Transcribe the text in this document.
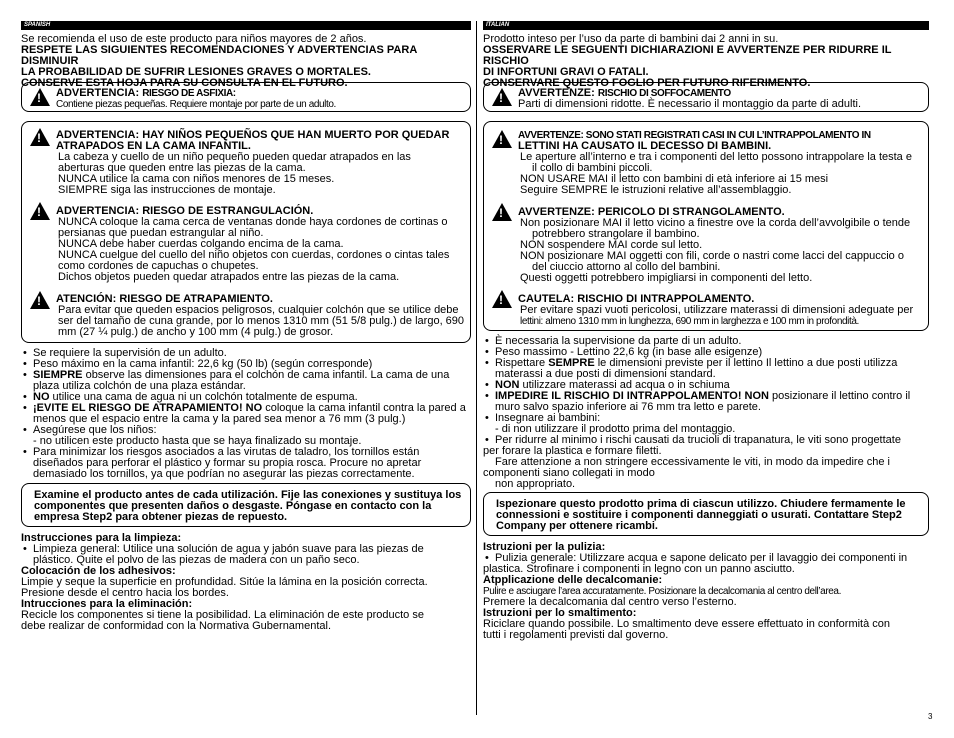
SPANISH	ITALIAN
Se recomienda el uso de este producto para niños mayores de 2 años.
RESPETE LAS SIGUIENTES RECOMENDACIONES Y ADVERTENCIAS PARA DISMINUIR
LA PROBABILIDAD DE SUFRIR LESIONES GRAVES O MORTALES.
CONSERVE ESTA HOJA PARA SU CONSULTA EN EL FUTURO.
!
ADVERTENCIA: RIESGO DE ASFIXIA:
Contiene piezas pequeñas. Requiere montaje por parte de un adulto.
!
ADVERTENCIA: HAY NIÑOS PEQUEÑOS QUE HAN MUERTO POR QUEDAR
ATRAPADOS EN LA CAMA INFANTIL.
La cabeza y cuello de un niño pequeño pueden quedar atrapados en las
aberturas que queden entre las piezas de la cama.
NUNCA utilice la cama con niños menores de 15 meses.
SIEMPRE siga las instrucciones de montaje.
!
ADVERTENCIA: RIESGO DE ESTRANGULACIÓN.
NUNCA coloque la cama cerca de ventanas donde haya cordones de cortinas o
persianas que puedan estrangular al niño.
NUNCA debe haber cuerdas colgando encima de la cama.
NUNCA cuelgue del cuello del niño objetos con cuerdas, cordones o cintas tales
como cordones de capuchas o chupetes.
Dichos objetos pueden quedar atrapados entre las piezas de la cama.
!
ATENCIÓN: RIESGO DE ATRAPAMIENTO.
Para evitar que queden espacios peligrosos, cualquier colchón que se utilice debe
ser del tamaño de cuna grande, por lo menos 1310 mm (51 5/8 pulg.) de largo, 690
mm (27 ¼ pulg.) de ancho y 100 mm (4 pulg.) de grosor.
• Se requiere la supervisión de un adulto.
• Peso máximo en la cama infantil: 22,6 kg (50 lb) (según corresponde)
• SIEMPRE observe las dimensiones para el colchón de cama infantil. La cama de una
plaza utiliza colchón de una plaza estándar.
• NO utilice una cama de agua ni un colchón totalmente de espuma.
• ¡EVITE EL RIESGO DE ATRAPAMIENTO! NO coloque la cama infantil contra la pared a
menos que el espacio entre la cama y la pared sea menor a 76 mm (3 pulg.)
• Asegúrese que los niños:
- no utilicen este producto hasta que se haya finalizado su montaje.
• Para minimizar los riesgos asociados a las virutas de taladro, los tornillos están
diseñados para perforar el plástico y formar su propia rosca. Procure no apretar
demasiado los tornillos, ya que podrían no asegurar las piezas correctamente.
Examine el producto antes de cada utilización. Fije las conexiones y sustituya los
componentes que presenten daños o desgaste. Póngase en contacto con la
empresa Step2 para obtener piezas de repuesto.
Instrucciones para la limpieza:
• Limpieza general: Utilice una solución de agua y jabón suave para las piezas de
plástico. Quite el polvo de las piezas de madera con un paño seco.
Colocación de los adhesivos:
Limpie y seque la superficie en profundidad. Sitúe la lámina en la posición correcta.
Presione desde el centro hacia los bordes.
Intrucciones para la eliminación:
Recicle los componentes si tiene la posibilidad. La eliminación de este producto se
debe realizar de conformidad con la Normativa Gubernamental.
Prodotto inteso per l’uso da parte di bambini dai 2 anni in su.
OSSERVARE LE SEGUENTI DICHIARAZIONI E AVVERTENZE PER RIDURRE IL RISCHIO
DI INFORTUNI GRAVI O FATALI.
CONSERVARE QUESTO FOGLIO PER FUTURO RIFERIMENTO.
!
AVVERTENZE: RISCHIO DI SOFFOCAMENTO
Parti di dimensioni ridotte. È necessario il montaggio da parte di adulti.
!
AVVERTENZE: SONO STATI REGISTRATI CASI IN CUI L’INTRAPPOLAMENTO IN
LETTINI HA CAUSATO IL DECESSO DI BAMBINI.
Le aperture all’interno e tra i componenti del letto possono intrappolare la testa e
il collo di bambini piccoli.
NON USARE MAI il letto con bambini di età inferiore ai 15 mesi
Seguire SEMPRE le istruzioni relative all’assemblaggio.
!
AVVERTENZE: PERICOLO DI STRANGOLAMENTO.
Non posizionare MAI il letto vicino a finestre ove la corda dell’avvolgibile o tende
potrebbero strangolare il bambino.
NON sospendere MAI corde sul letto.
NON posizionare MAI oggetti con fili, corde o nastri come lacci del cappuccio o
del ciuccio attorno al collo del bambini.
Questi oggetti potrebbero impigliarsi in componenti del letto.
!
CAUTELA: RISCHIO DI INTRAPPOLAMENTO.
Per evitare spazi vuoti pericolosi, utilizzare materassi di dimensioni adeguate per
lettini: almeno 1310 mm in lunghezza, 690 mm in larghezza e 100 mm in profondità.
• È necessaria la supervisione da parte di un adulto.
• Peso massimo - Lettino 22,6 kg (in base alle esigenze)
• Rispettare SEMPRE le dimensioni previste per il lettino Il lettino a due posti utilizza
materassi a due posti di dimensioni standard.
• NON utilizzare materassi ad acqua o in schiuma
• IMPEDIRE IL RISCHIO DI INTRAPPOLAMENTO! NON posizionare il lettino contro il
muro salvo spazio inferiore ai 76 mm tra letto e parete.
• Insegnare ai bambini:
- di non utilizzare il prodotto prima del montaggio.
• Per ridurre al minimo i rischi causati da trucioli di trapanatura, le viti sono progettate
per forare la plastica e formare filetti.
Fare attenzione a non stringere eccessivamente le viti, in modo da impedire che i
componenti siano collegati in modo
non appropriato.
Ispezionare questo prodotto prima di ciascun utilizzo. Chiudere fermamente le
connessioni e sostituire i componenti danneggiati o usurati. Contattare Step2
Company per ottenere ricambi.
Istruzioni per la pulizia:
• Pulizia generale: Utilizzare acqua e sapone delicato per il lavaggio dei componenti in
plastica. Strofinare i componenti in legno con un panno asciutto.
Atpplicazione delle decalcomanie:
Pulire e asciugare l’area accuratamente. Posizionare la decalcomania al centro dell’area.
Premere la decalcomania dal centro verso l’esterno.
Istruzioni per lo smaltimento:
Riciclare quando possibile. Lo smaltimento deve essere effettuato in conformità con
tutti i regolamenti previsti dal governo.
3
